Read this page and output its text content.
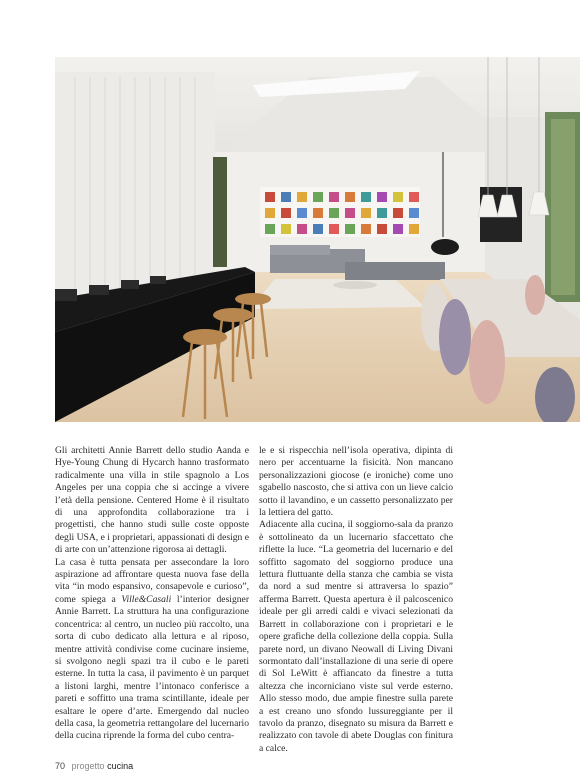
Gli architetti Annie Barrett dello studio Aanda e Hye-Young Chung di Hycarch hanno trasformato radicalmente una villa in stile spagnolo a Los Angeles per una coppia che si accinge a vivere l’età della pensione. Centered Home è il risultato di una approfondita collaborazione tra i progettisti, che hanno studi sulle coste opposte degli USA, e i proprietari, appassionati di design e di arte con un’attenzione rigorosa ai dettagli.

La casa è tutta pensata per assecondare la loro aspirazione ad affrontare questa nuova fase della vita “in modo espansivo, consapevole e curioso”, come spiega a Ville&Casali l’interior designer Annie Barrett. La struttura ha una configurazione concentrica: al centro, un nucleo più raccolto, una sorta di cubo dedicato alla lettura e al riposo, mentre attività condivise come cucinare insieme, si svolgono negli spazi tra il cubo e le pareti esterne. In tutta la casa, il pavimento è un parquet a listoni larghi, mentre l’intonaco conferisce a pareti e soffitto una trama scintillante, ideale per esaltare le opere d’arte. Emergendo dal nucleo della casa, la geometria rettangolare del lucernario della cucina riprende la forma del cubo centra-

le e si rispecchia nell’isola operativa, dipinta di nero per accentuarne la fisicità. Non mancano personalizzazioni giocose (e ironiche) come uno sgabello nascosto, che si attiva con un lieve calcio sotto il lavandino, e un cassetto personalizzato per la lettiera del gatto.

Adiacente alla cucina, il soggiorno-sala da pranzo è sottolineato da un lucernario sfaccettato che riflette la luce. “La geometria del lucernario e del soffitto sagomato del soggiorno produce una lettura fluttuante della stanza che cambia se vista da nord a sud mentre si attraversa lo spazio” afferma Barrett. Questa apertura è il palcoscenico ideale per gli arredi caldi e vivaci selezionati da Barrett in collaborazione con i proprietari e le opere grafiche della collezione della coppia. Sulla parete nord, un divano Neowall di Living Divani sormontato dall’installazione di una serie di opere di Sol LeWitt è affiancato da finestre a tutta altezza che incorniciano viste sul verde esterno. Allo stesso modo, due ampie finestre sulla parete a est creano uno sfondo lussureggiante per il tavolo da pranzo, disegnato su misura da Barrett e realizzato con tavole di abete Douglas con finitura a calce.

70 progetto cucina
